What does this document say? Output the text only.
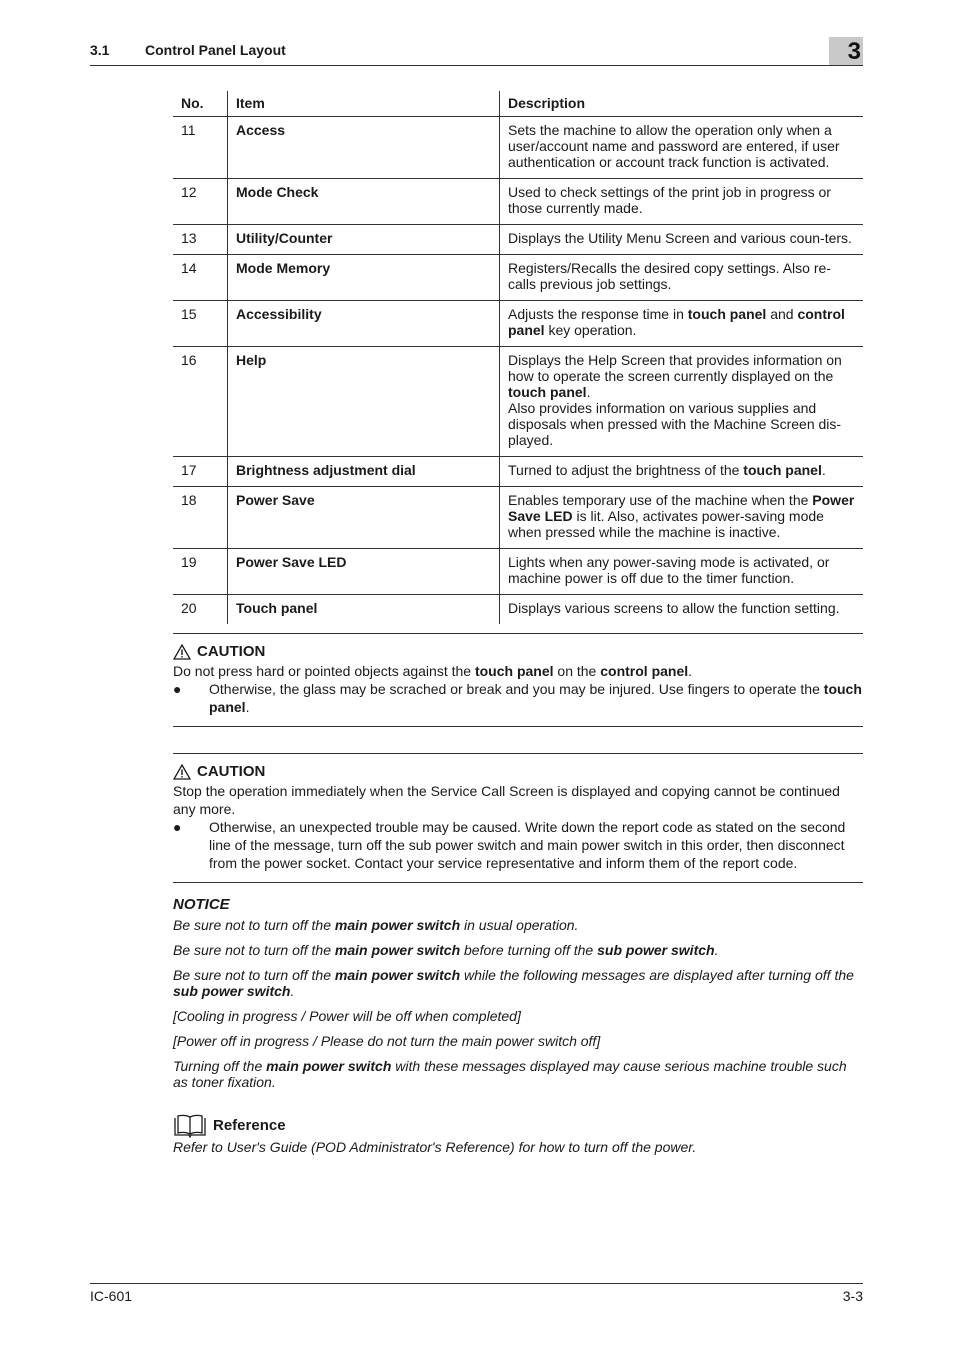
3.1	Control Panel Layout	3
No.	Item	Description
11	Access	Sets the machine to allow the operation only when a user/account name and password are entered, if user authentication or account track function is activated.
12	Mode Check	Used to check settings of the print job in progress or those currently made.
13	Utility/Counter	Displays the Utility Menu Screen and various coun-ters.
14	Mode Memory	Registers/Recalls the desired copy settings. Also re-calls previous job settings.
15	Accessibility	Adjusts the response time in touch panel and control panel key operation.
16	Help	Displays the Help Screen that provides information on how to operate the screen currently displayed on the touch panel.
Also provides information on various supplies and disposals when pressed with the Machine Screen dis-played.
17	Brightness adjustment dial	Turned to adjust the brightness of the touch panel.
18	Power Save	Enables temporary use of the machine when the Power Save LED is lit. Also, activates power-saving mode when pressed while the machine is inactive.
19	Power Save LED	Lights when any power-saving mode is activated, or machine power is off due to the timer function.
20	Touch panel	Displays various screens to allow the function setting.
CAUTION
Do not press hard or pointed objects against the touch panel on the control panel.
● Otherwise, the glass may be scrached or break and you may be injured. Use fingers to operate the touch panel.
CAUTION
Stop the operation immediately when the Service Call Screen is displayed and copying cannot be continued any more.
● Otherwise, an unexpected trouble may be caused. Write down the report code as stated on the second line of the message, turn off the sub power switch and main power switch in this order, then disconnect from the power socket. Contact your service representative and inform them of the report code.
NOTICE

Be sure not to turn off the main power switch in usual operation.

Be sure not to turn off the main power switch before turning off the sub power switch.

Be sure not to turn off the main power switch while the following messages are displayed after turning off the sub power switch.

[Cooling in progress / Power will be off when completed]

[Power off in progress / Please do not turn the main power switch off]

Turning off the main power switch with these messages displayed may cause serious machine trouble such as toner fixation.

Reference
Refer to User's Guide (POD Administrator's Reference) for how to turn off the power.
IC-601	3-3
